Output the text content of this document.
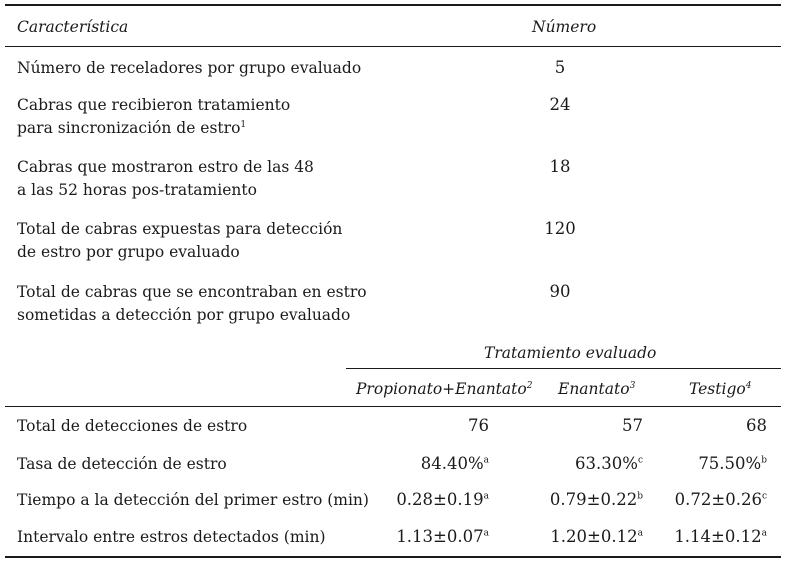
Característica	Número
Número de receladores por grupo evaluado	5
Cabras que recibieron tratamiento
para sincronización de estro$^1$
24
Cabras que mostraron estro de las 48
a las 52 horas pos-tratamiento
18
Total de cabras expuestas para detección
de estro por grupo evaluado
120
Total de cabras que se encontraban en estro
sometidas a detección por grupo evaluado
90
Tratamiento evaluado
Propionato+Enantato$^2$ Enantato$^3$	Testigo$^4$
Total de detecciones de estro	76	57	68
Tasa de detección de estro	84.40%$^a$	63.30%$^c$	75.50%$^b$
Tiempo a la detección del primer estro (min) 0.28±0.19$^a$	0.79±0.22$^b$ 0.72±0.26$^c$
Intervalo entre estros detectados (min)	1.13±0.07$^a$	1.20±0.12$^a$ 1.14±0.12$^a$
